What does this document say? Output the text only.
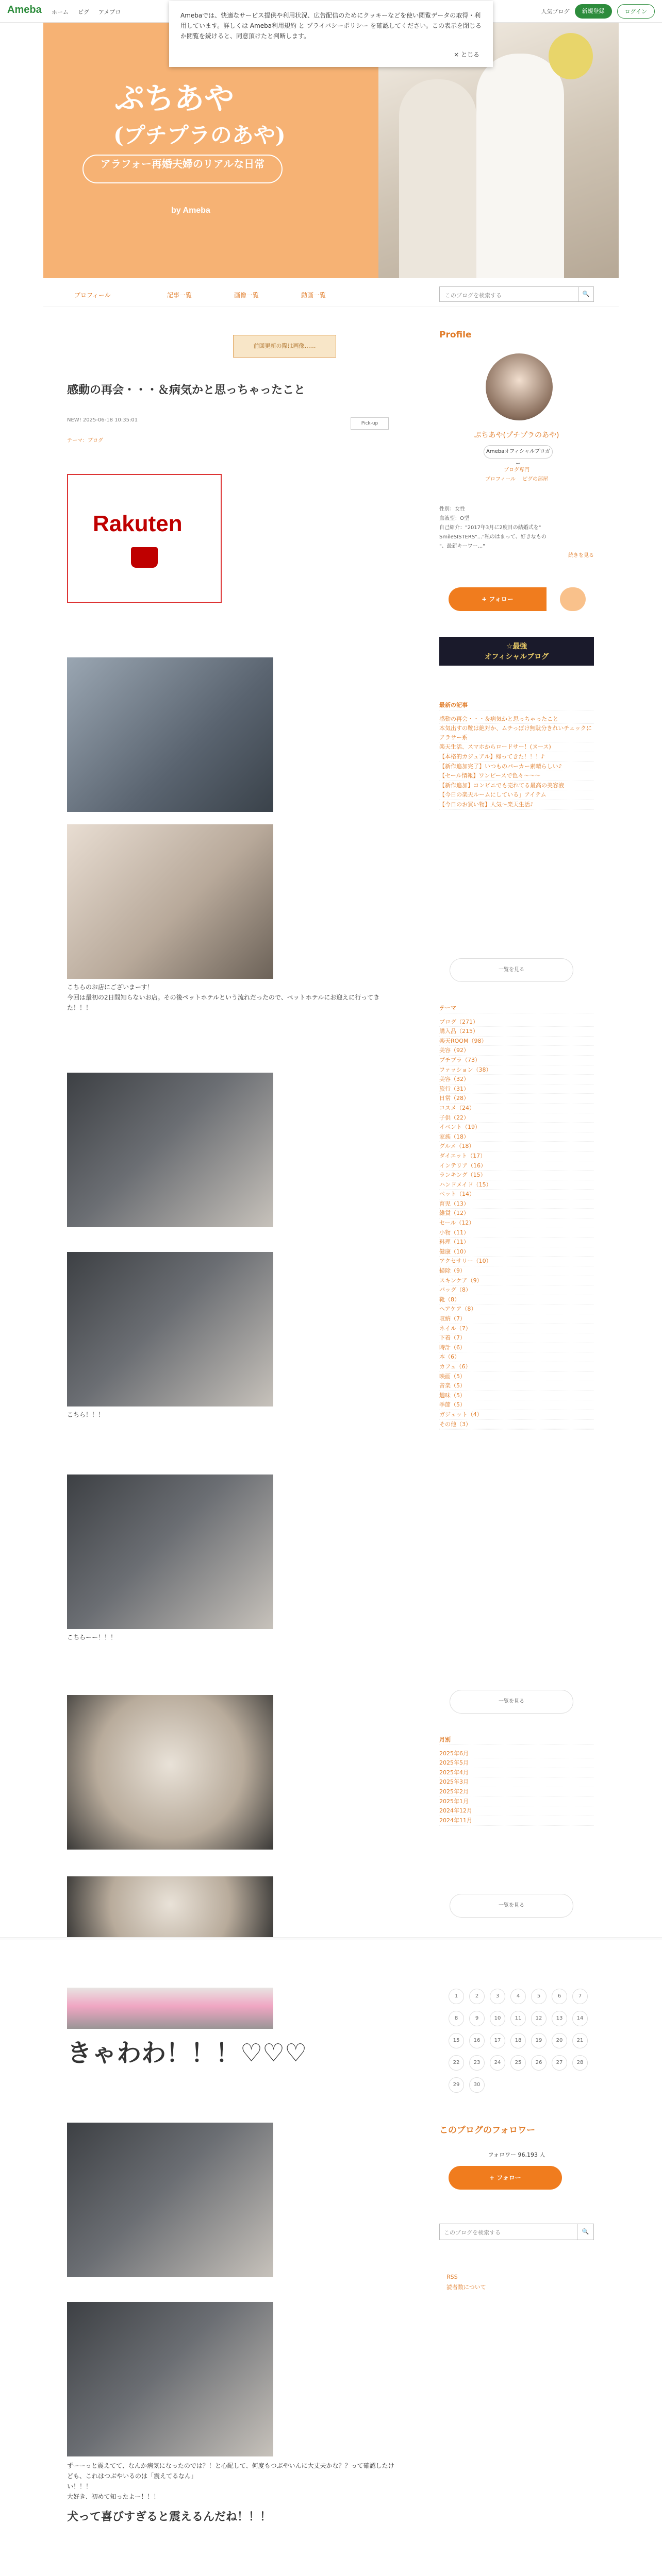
Ameba ホーム ピグ アメブロ	人気ブログ	新規登録	ログイン
Amebaでは、快適なサービス提供や利用状況、広告配信のためにクッキーなどを使い閲覧データの取得・利用しています。詳しくは Ameba利用規約 と プライバシーポリシー を確認してください。この表示を閉じるか閲覧を続けると、同意頂けたと判断します。
× とじる
ぷちあや
(プチプラのあや)
アラフォー再婚夫婦のリアルな日常
by Ameba
プロフィール	記事一覧	画像一覧	動画一覧	このブログを検索する	🔍
前回更新の際は画像……
感動の再会・・・＆病気かと思っちゃったこと
NEW! 2025-06-18 10:35:01
Pick-up
テーマ：ブログ
Rakuten
こちらのお店にございまーす！
今回は最初の2日間知らないお店。その後ペットホテルという流れだったので、ペットホテルにお迎えに行ってきた！！！
こちら！！！
こちらーー！！！
きゃわわ！！！♡♡♡
ずーーっと震えてて、なんか病気になったのでは？！と心配して、何度もつぶやいんに大丈夫かな？？って確認したけども、これはつぶやいるのは「震えてるなん」
い！！！
大好き、初めて知ったよー！！！
犬って喜びすぎると震えるんだね！！！
Profile
ぷちあや(プチプラのあや)
Amebaオフィシャルブロガー
ブログ専門
プロフィール　 ピグの部屋
性別：女性
血液型：O型
自己紹介："2017年3月に2度目の結婚式を"
SmileSISTERS"..."私のはまって、好きなもの
"、最新キーワー..."
続きを見る
+ フォロー
☆最強
オフィシャルブログ
最新の記事
感動の再会・・・＆病気かと思っちゃったこと
本気出すの靴は絶対か、ムチっぽけ無駄分きれいチェックにアラサー系
楽天生活、スマホからロードサー！(ヌース)
【本格的カジュアル】帰ってきた！！！♪
【新作追加完了】いつものパーカー素晴らしい♪
【セール情報】ワンピースで色々〜〜〜
【新作追加】コンビニでも売れてる最高の美容液
【今日の楽天ルームにしている」アイテム
【今日のお買い物】人気〜楽天生活♪
一覧を見る
テーマ
ブログ（271）
購入品（215）
楽天ROOM（98）
美容（92）
プチプラ（73）
ファッション（38）
美容（32）
旅行（31）
日常（28）
コスメ（24）
子供（22）
イベント（19）
家族（18）
グルメ（18）
ダイエット（17）
インテリア（16）
ランキング（15）
ハンドメイド（15）
ペット（14）
育児（13）
雑貨（12）
セール（12）
小物（11）
料理（11）
健康（10）
アクセサリー（10）
掃除（9）
スキンケア（9）
バッグ（8）
靴（8）
ヘアケア（8）
収納（7）
ネイル（7）
下着（7）
時計（6）
本（6）
カフェ（6）
映画（5）
音楽（5）
趣味（5）
季節（5）
ガジェット（4）
その他（3）
一覧を見る
月別
2025年6月
2025年5月
2025年4月
2025年3月
2025年2月
2025年1月
2024年12月
2024年11月
一覧を見る
1	2	3	4	5	6	7
8	9	10	11	12	13	14
15	16	17	18	19	20	21
22	23	24	25	26	27	28
29	30
このブログのフォロワー
フォロワー 96,193 人
+ フォロー
このブログを検索する	🔍
RSS
読者数について
